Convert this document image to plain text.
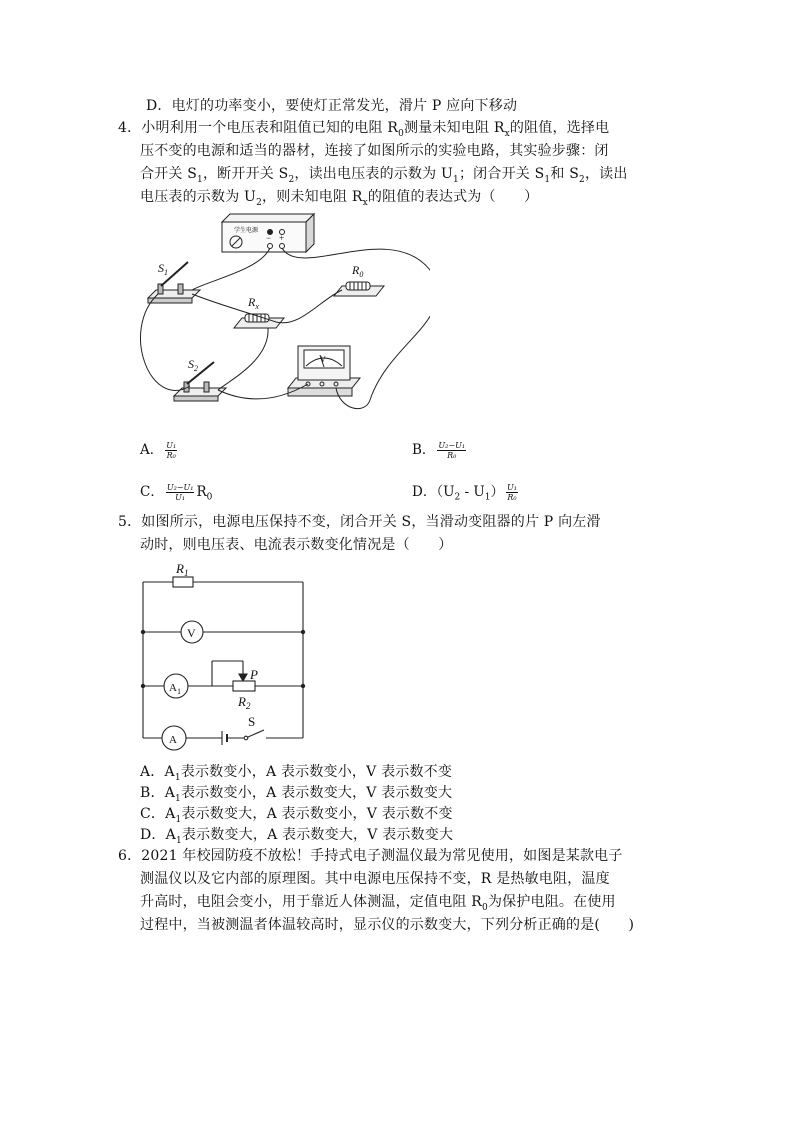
D．电灯的功率变小，要使灯正常发光，滑片 P 应向下移动
4．小明利用一个电压表和阻值已知的电阻 $R_0$测量未知电阻 $R_x$的阻值，选择电
压不变的电源和适当的器材，连接了如图所示的实验电路，其实验步骤：闭
合开关 $S_1$，断开开关 $S_2$，读出电压表的示数为 $U_1$；闭合开关 $S_1$和 $S_2$，读出
电压表的示数为 $U_2$，则未知电阻 $R_x$的阻值的表达式为（　　）
$S_1$
$S_2$
$R_0$
$R_x$
学生电源
− +
V
A． $\frac{\text{U₁}}{\text{R₀}}$	B． $\frac{\text{U₂−U₁}}{\text{R₀}}$
C． $\frac{\text{U₂−U₁}}{\text{U₁}} R_0$	D．$(U_2 - U_1) \frac{\text{U₁}}{\text{R₀}}$
5．如图所示，电源电压保持不变，闭合开关 S，当滑动变阻器的片 P 向左滑
动时，则电压表、电流表示数变化情况是（　　）
$R_1$
V
$A_1$
P
$R_2$
S
A
A．$A_1$表示数变小，A 表示数变小，V 表示数不变
B．$A_1$表示数变小，A 表示数变大，V 表示数变大
C．$A_1$表示数变大，A 表示数变小，V 表示数不变
D．$A_1$表示数变大，A 表示数变大，V 表示数变大
6．2021 年校园防疫不放松！手持式电子测温仪最为常见使用，如图是某款电子
测温仪以及它内部的原理图。其中电源电压保持不变，R 是热敏电阻，温度
升高时，电阻会变小，用于靠近人体测温，定值电阻 $R_0$为保护电阻。在使用
过程中，当被测温者体温较高时，显示仪的示数变大，下列分析正确的是(　　)
